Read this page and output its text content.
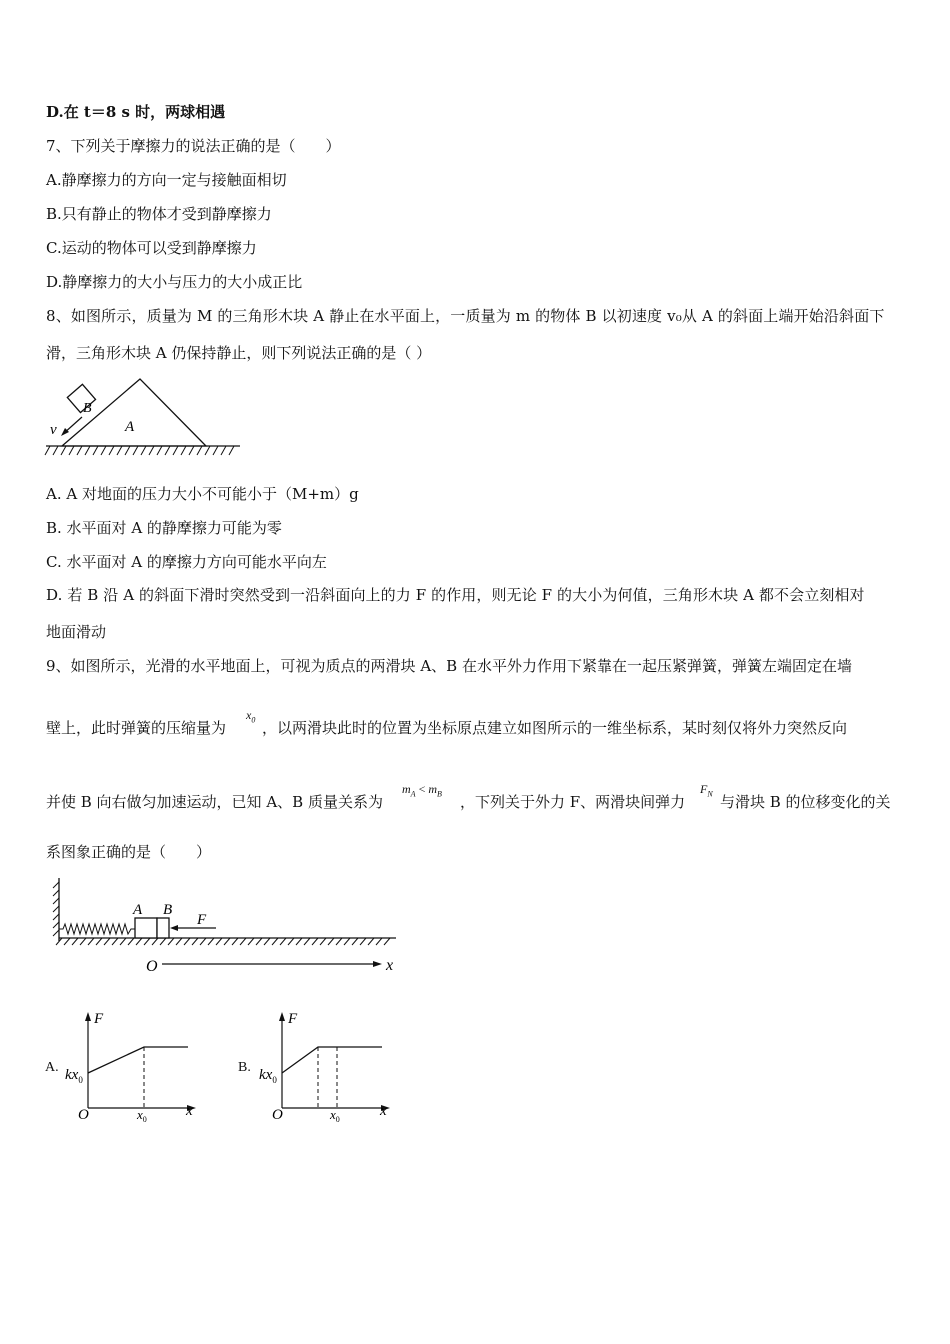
D.在 t＝8 s 时，两球相遇
7、下列关于摩擦力的说法正确的是（　　）
A.静摩擦力的方向一定与接触面相切
B.只有静止的物体才受到静摩擦力
C.运动的物体可以受到静摩擦力
D.静摩擦力的大小与压力的大小成正比
8、如图所示，质量为 M 的三角形木块 A 静止在水平面上，一质量为 m 的物体 B 以初速度 v₀从 A 的斜面上端开始沿斜面下
滑，三角形木块 A 仍保持静止，则下列说法正确的是（ ）
B
A
v
A. A 对地面的压力大小不可能小于（M+m）g
B. 水平面对 A 的静摩擦力可能为零
C. 水平面对 A 的摩擦力方向可能水平向左
D. 若 B 沿 A 的斜面下滑时突然受到一沿斜面向上的力 F 的作用，则无论 F 的大小为何值，三角形木块 A 都不会立刻相对
地面滑动
9、如图所示，光滑的水平地面上，可视为质点的两滑块 A、B 在水平外力作用下紧靠在一起压紧弹簧，弹簧左端固定在墙
壁上，此时弹簧的压缩量为
$x_0$ ，以两滑块此时的位置为坐标原点建立如图所示的一维坐标系，某时刻仅将外力突然反向
并使 B 向右做匀加速运动，已知 A、B 质量关系为
$m_A < m_B$ ，下列关于外力 F、两滑块间弹力
$F_N$ 与滑块 B 的位移变化的关
系图象正确的是（　　）
A B
F
O	x
A.
F
$kx_0$
O	$x_0$
x
B.
F
$kx_0$
O	$x_0$
x
